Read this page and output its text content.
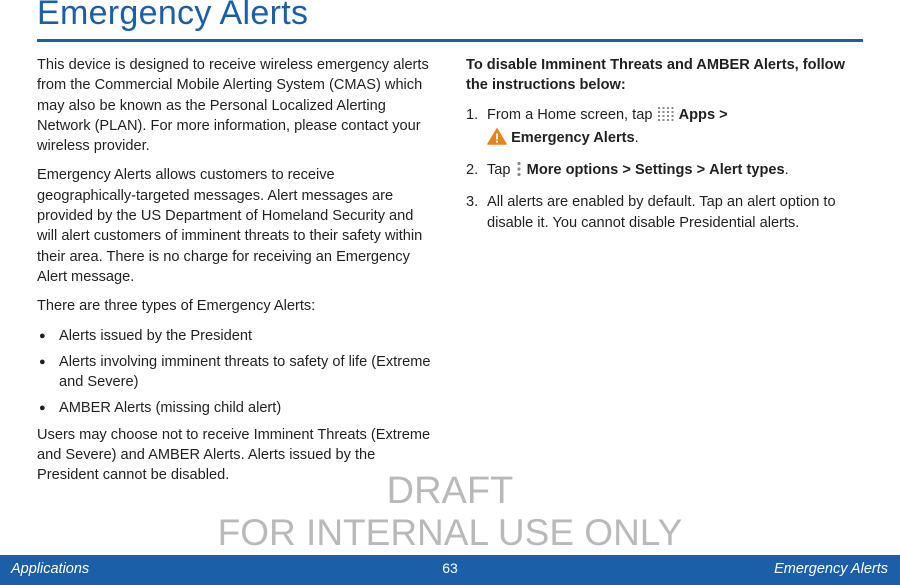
Emergency Alerts

This device is designed to receive wireless emergency alerts from the Commercial Mobile Alerting System (CMAS) which may also be known as the Personal Localized Alerting Network (PLAN). For more information, please contact your wireless provider.

Emergency Alerts allows customers to receive geographically-targeted messages. Alert messages are provided by the US Department of Homeland Security and will alert customers of imminent threats to their safety within their area. There is no charge for receiving an Emergency Alert message.

There are three types of Emergency Alerts:

● Alerts issued by the President
● Alerts involving imminent threats to safety of life (Extreme and Severe)
● AMBER Alerts (missing child alert)

Users may choose not to receive Imminent Threats (Extreme and Severe) and AMBER Alerts. Alerts issued by the President cannot be disabled.

To disable Imminent Threats and AMBER Alerts, follow the instructions below:
1. From a Home screen, tap Apps >
Emergency Alerts.
2. Tap More options > Settings > Alert types.
3. All alerts are enabled by default. Tap an alert option to disable it. You cannot disable Presidential alerts.
DRAFT
FOR INTERNAL USE ONLY
Applications	63	Emergency Alerts
